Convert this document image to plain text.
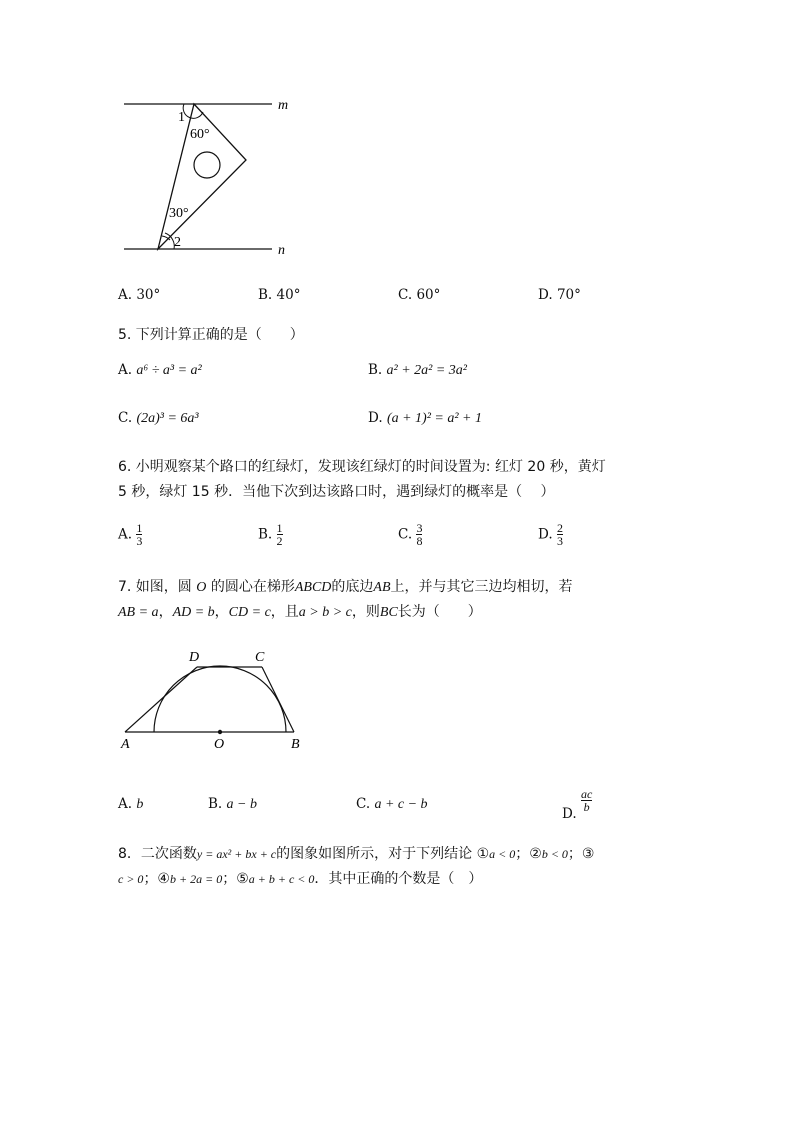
m
n
1
60°
30°
2
A. 30°	B. 40°	C. 60°	D. 70°
5. 下列计算正确的是（　　）
A. a⁶ ÷ a³ = a²	B. a² + 2a² = 3a²
C. (2a)³ = 6a³	D. (a + 1)² = a² + 1
6. 小明观察某个路口的红绿灯，发现该红绿灯的时间设置为: 红灯 20 秒，黄灯
5 秒，绿灯 15 秒．当他下次到达该路口时，遇到绿灯的概率是（　 ）
A. $\frac{1}{3}$	B. $\frac{1}{2}$	C. $\frac{3}{8}$	D. $\frac{2}{3}$
7. 如图，圆 O 的圆心在梯形ABCD的底边AB上，并与其它三边均相切，若
AB = a，AD = b，CD = c，且a > b > c，则BC长为（　　）
A	O	B
D	C
A. b	B. a − b	C. a + c − b
D.
$\frac{ac}{b}$
8．二次函数y = ax² + bx + c的图象如图所示，对于下列结论 ①a < 0；②b < 0；③
c > 0；④b + 2a = 0；⑤a + b + c < 0．其中正确的个数是（　）
